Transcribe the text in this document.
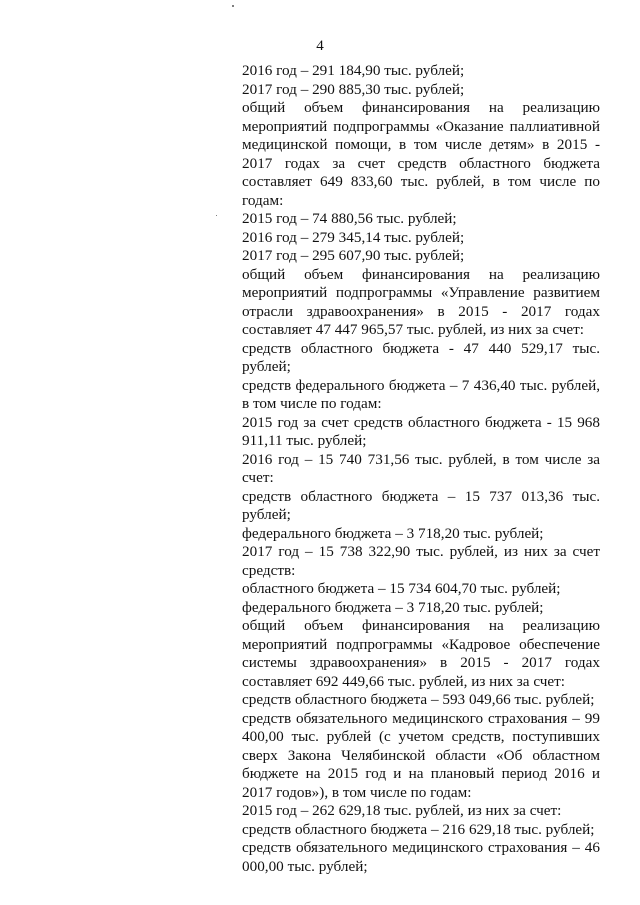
4

2016 год – 291 184,90 тыс. рублей;

2017 год – 290 885,30 тыс. рублей;

общий объем финансирования на реализацию мероприятий подпрограммы «Оказание паллиативной медицинской помощи, в том числе детям» в 2015 - 2017 годах за счет средств областного бюджета составляет 649 833,60 тыс. рублей, в том числе по годам:

2015 год – 74 880,56 тыс. рублей;

2016 год – 279 345,14 тыс. рублей;

2017 год – 295 607,90 тыс. рублей;

общий объем финансирования на реализацию мероприятий подпрограммы «Управление развитием отрасли здравоохранения» в 2015 - 2017 годах составляет 47 447 965,57 тыс. рублей, из них за счет:

средств областного бюджета - 47 440 529,17 тыс. рублей;

средств федерального бюджета – 7 436,40 тыс. рублей, в том числе по годам:

2015 год за счет средств областного бюджета - 15 968 911,11 тыс. рублей;

2016 год – 15 740 731,56 тыс. рублей, в том числе за счет:

средств областного бюджета – 15 737 013,36 тыс. рублей;

федерального бюджета – 3 718,20 тыс. рублей;

2017 год – 15 738 322,90 тыс. рублей, из них за счет средств:

областного бюджета – 15 734 604,70 тыс. рублей;

федерального бюджета – 3 718,20 тыс. рублей;

общий объем финансирования на реализацию мероприятий подпрограммы «Кадровое обеспечение системы здравоохранения» в 2015 - 2017 годах составляет 692 449,66 тыс. рублей, из них за счет:

средств областного бюджета – 593 049,66 тыс. рублей;

средств обязательного медицинского страхования – 99 400,00 тыс. рублей (с учетом средств, поступивших сверх Закона Челябинской области «Об областном бюджете на 2015 год и на плановый период 2016 и 2017 годов»), в том числе по годам:

2015 год – 262 629,18 тыс. рублей, из них за счет:

средств областного бюджета – 216 629,18 тыс. рублей;

средств обязательного медицинского страхования – 46 000,00 тыс. рублей;
